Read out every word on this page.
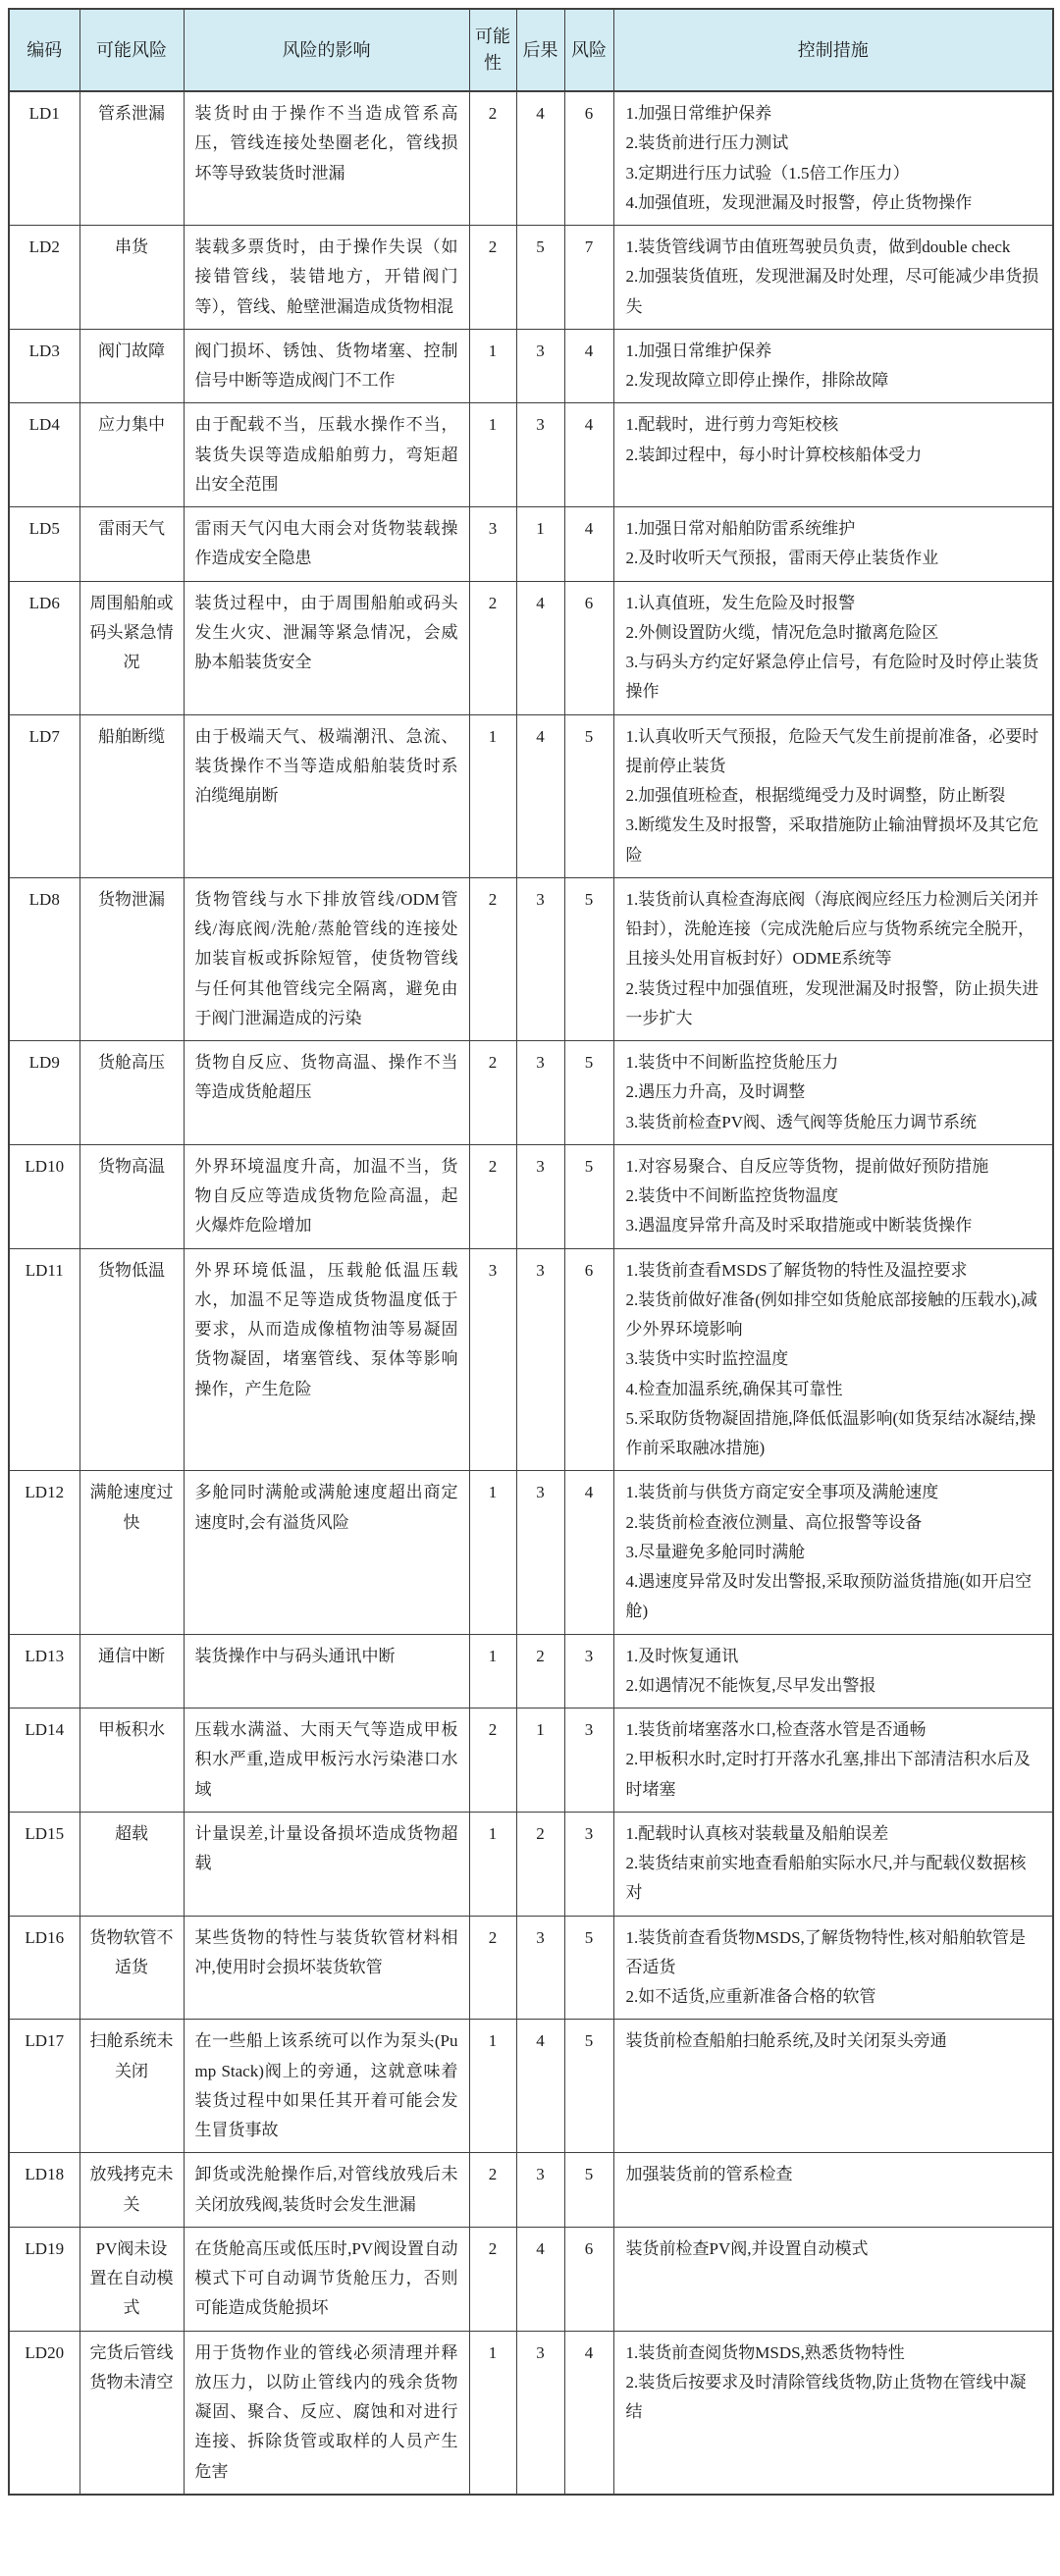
编码	可能风险	风险的影响	可能性	后果	风险	控制措施
LD1	管系泄漏	装货时由于操作不当造成管系高压，管线连接处垫圈老化，管线损坏等导致装货时泄漏	2	4	6	1.加强日常维护保养
2.装货前进行压力测试
3.定期进行压力试验（1.5倍工作压力）
4.加强值班，发现泄漏及时报警，停止货物操作

LD2	串货	装载多票货时，由于操作失误（如接错管线，装错地方，开错阀门等），管线、舱壁泄漏造成货物相混	2	5	7	1.装货管线调节由值班驾驶员负责，做到double check
2.加强装货值班，发现泄漏及时处理，尽可能减少串货损失

LD3	阀门故障	阀门损坏、锈蚀、货物堵塞、控制信号中断等造成阀门不工作	1	3	4	1.加强日常维护保养
2.发现故障立即停止操作，排除故障

LD4	应力集中	由于配载不当，压载水操作不当，装货失误等造成船舶剪力，弯矩超出安全范围	1	3	4	1.配载时，进行剪力弯矩校核
2.装卸过程中，每小时计算校核船体受力

LD5	雷雨天气	雷雨天气闪电大雨会对货物装载操作造成安全隐患	3	1	4	1.加强日常对船舶防雷系统维护
2.及时收听天气预报，雷雨天停止装货作业

LD6	周围船舶或码头紧急情况	装货过程中，由于周围船舶或码头发生火灾、泄漏等紧急情况，会威胁本船装货安全	2	4	6	1.认真值班，发生危险及时报警
2.外侧设置防火缆，情况危急时撤离危险区
3.与码头方约定好紧急停止信号，有危险时及时停止装货操作

LD7	船舶断缆	由于极端天气、极端潮汛、急流、装货操作不当等造成船舶装货时系泊缆绳崩断	1	4	5	1.认真收听天气预报，危险天气发生前提前准备，必要时提前停止装货
2.加强值班检查，根据缆绳受力及时调整，防止断裂
3.断缆发生及时报警，采取措施防止输油臂损坏及其它危险

LD8	货物泄漏	货物管线与水下排放管线/ODM管线/海底阀/洗舱/蒸舱管线的连接处加装盲板或拆除短管，使货物管线与任何其他管线完全隔离，避免由于阀门泄漏造成的污染	2	3	5	1.装货前认真检查海底阀（海底阀应经压力检测后关闭并铅封），洗舱连接（完成洗舱后应与货物系统完全脱开，且接头处用盲板封好）ODME系统等
2.装货过程中加强值班，发现泄漏及时报警，防止损失进一步扩大

LD9	货舱高压	货物自反应、货物高温、操作不当等造成货舱超压	2	3	5	1.装货中不间断监控货舱压力
2.遇压力升高，及时调整
3.装货前检查PV阀、透气阀等货舱压力调节系统

LD10	货物高温	外界环境温度升高，加温不当，货物自反应等造成货物危险高温，起火爆炸危险增加	2	3	5	1.对容易聚合、自反应等货物，提前做好预防措施
2.装货中不间断监控货物温度
3.遇温度异常升高及时采取措施或中断装货操作

LD11	货物低温	外界环境低温，压载舱低温压载水，加温不足等造成货物温度低于要求，从而造成像植物油等易凝固货物凝固，堵塞管线、泵体等影响操作，产生危险	3	3	6	1.装货前查看MSDS了解货物的特性及温控要求
2.装货前做好准备(例如排空如货舱底部接触的压载水),减少外界环境影响
3.装货中实时监控温度
4.检查加温系统,确保其可靠性
5.采取防货物凝固措施,降低低温影响(如货泵结冰凝结,操作前采取融冰措施)

LD12	满舱速度过快	多舱同时满舱或满舱速度超出商定速度时,会有溢货风险	1	3	4	1.装货前与供货方商定安全事项及满舱速度
2.装货前检查液位测量、高位报警等设备
3.尽量避免多舱同时满舱
4.遇速度异常及时发出警报,采取预防溢货措施(如开启空舱)

LD13	通信中断	装货操作中与码头通讯中断	1	2	3	1.及时恢复通讯
2.如遇情况不能恢复,尽早发出警报

LD14	甲板积水	压载水满溢、大雨天气等造成甲板积水严重,造成甲板污水污染港口水域	2	1	3	1.装货前堵塞落水口,检查落水管是否通畅
2.甲板积水时,定时打开落水孔塞,排出下部清洁积水后及时堵塞

LD15	超载	计量误差,计量设备损坏造成货物超载	1	2	3	1.配载时认真核对装载量及船舶误差
2.装货结束前实地查看船舶实际水尺,并与配载仪数据核对

LD16	货物软管不适货	某些货物的特性与装货软管材料相冲,使用时会损坏装货软管	2	3	5	1.装货前查看货物MSDS,了解货物特性,核对船舶软管是否适货
2.如不适货,应重新准备合格的软管

LD17	扫舱系统未关闭	在一些船上该系统可以作为泵头(Pump Stack)阀上的旁通，这就意味着装货过程中如果任其开着可能会发生冒货事故	1	4	5	装货前检查船舶扫舱系统,及时关闭泵头旁通

LD18	放残拷克未关	卸货或洗舱操作后,对管线放残后未关闭放残阀,装货时会发生泄漏	2	3	5	加强装货前的管系检查

LD19	PV阀未设置在自动模式	在货舱高压或低压时,PV阀设置自动模式下可自动调节货舱压力，否则可能造成货舱损坏	2	4	6	装货前检查PV阀,并设置自动模式

LD20	完货后管线货物未清空	用于货物作业的管线必须清理并释放压力，以防止管线内的残余货物凝固、聚合、反应、腐蚀和对进行连接、拆除货管或取样的人员产生危害	1	3	4	1.装货前查阅货物MSDS,熟悉货物特性
2.装货后按要求及时清除管线货物,防止货物在管线中凝结
